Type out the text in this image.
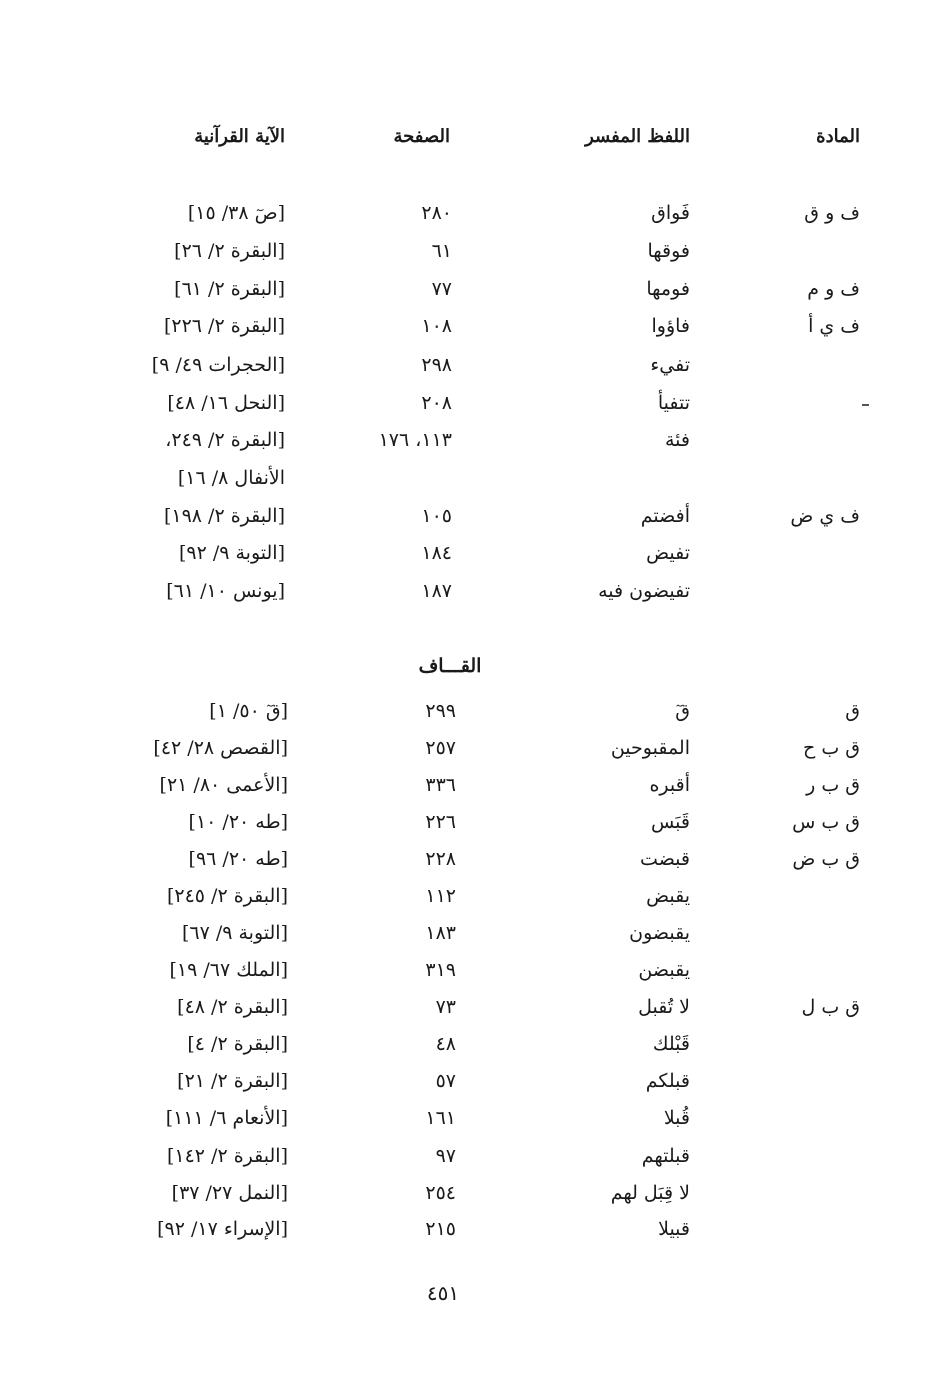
المادة
اللفظ المفسر
الصفحة
الآية القرآنية
ف و ق
فَواق
٢٨٠
[صٓ ٣٨/ ١٥]
فوقها
٦١
[البقرة ٢/ ٢٦]
ف و م
فومها
٧٧
[البقرة ٢/ ٦١]
ف ي أ
فاؤوا
١٠٨
[البقرة ٢/ ٢٢٦]
تفيء
٢٩٨
[الحجرات ٤٩/ ٩]
تتفيأ
٢٠٨
[النحل ١٦/ ٤٨]
فئة
١١٣، ١٧٦
[البقرة ٢/ ٢٤٩،
الأنفال ٨/ ١٦]
ف ي ض
أفضتم
١٠٥
[البقرة ٢/ ١٩٨]
تفيض
١٨٤
[التوبة ٩/ ٩٢]
تفيضون فيه
١٨٧
[يونس ١٠/ ٦١]
القـــاف
ق
قٓ
٢٩٩
[قٓ ٥٠/ ١]
ق ب ح
المقبوحين
٢٥٧
[القصص ٢٨/ ٤٢]
ق ب ر
أقبره
٣٣٦
[الأعمى ٨٠/ ٢١]
ق ب س
قَبَس
٢٢٦
[طه ٢٠/ ١٠]
ق ب ض
قبضت
٢٢٨
[طه ٢٠/ ٩٦]
يقبض
١١٢
[البقرة ٢/ ٢٤٥]
يقبضون
١٨٣
[التوبة ٩/ ٦٧]
يقبضن
٣١٩
[الملك ٦٧/ ١٩]
ق ب ل
لا تُقبل
٧٣
[البقرة ٢/ ٤٨]
قَبْلك
٤٨
[البقرة ٢/ ٤]
قبلكم
٥٧
[البقرة ٢/ ٢١]
قُبلا
١٦١
[الأنعام ٦/ ١١١]
قبلتهم
٩٧
[البقرة ٢/ ١٤٢]
لا قِبَل لهم
٢٥٤
[النمل ٢٧/ ٣٧]
قبيلا
٢١٥
[الإسراء ١٧/ ٩٢]
٤٥١
